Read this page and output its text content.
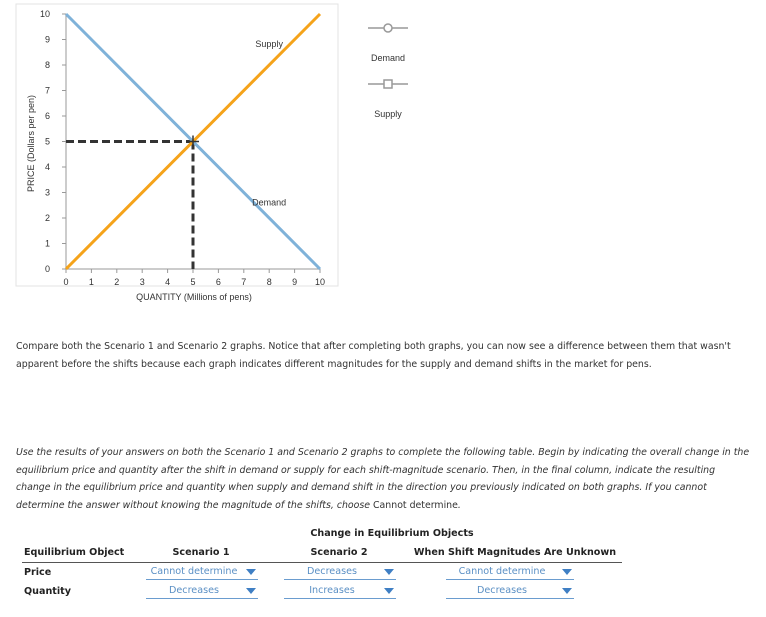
0 1 2 3 4 5 6 7 8 9 10
0
1
2
3
4
5
6
7
8
9
10
Demand
Supply
QUANTITY (Millions of pens)
PRICE (Dollars per pen)
Demand
Supply
Compare both the Scenario 1 and Scenario 2 graphs. Notice that after completing both graphs, you can now see a difference between them that wasn't apparent before the shifts because each graph indicates different magnitudes for the supply and demand shifts in the market for pens.
Use the results of your answers on both the Scenario 1 and Scenario 2 graphs to complete the following table. Begin by indicating the overall change in the equilibrium price and quantity after the shift in demand or supply for each shift-magnitude scenario. Then, in the final column, indicate the resulting change in the equilibrium price and quantity when supply and demand shift in the direction you previously indicated on both graphs. If you cannot determine the answer without knowing the magnitude of the shifts, choose Cannot determine.
Change in Equilibrium Objects
Equilibrium Object	Scenario 1	Scenario 2	When Shift Magnitudes Are Unknown
Price	Cannot determine	Decreases	Cannot determine
Quantity	Decreases	Increases	Decreases
